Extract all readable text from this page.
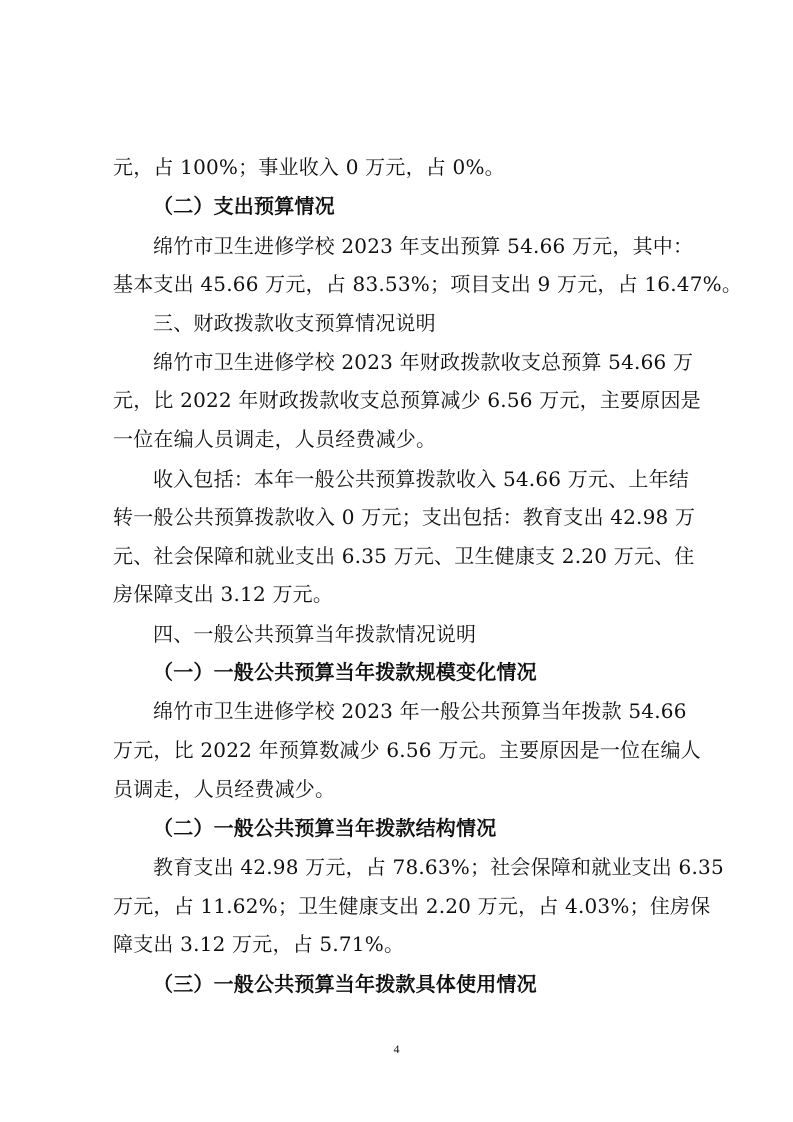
元，占 100%；事业收入 0 万元，占 0%。
（二）支出预算情况
绵竹市卫生进修学校 2023 年支出预算 54.66 万元，其中：
基本支出 45.66 万元，占 83.53%；项目支出 9 万元，占 16.47%。
三、财政拨款收支预算情况说明
绵竹市卫生进修学校 2023 年财政拨款收支总预算 54.66 万
元，比 2022 年财政拨款收支总预算减少 6.56 万元，主要原因是
一位在编人员调走，人员经费减少。
收入包括：本年一般公共预算拨款收入 54.66 万元、上年结
转一般公共预算拨款收入 0 万元；支出包括：教育支出 42.98 万
元、社会保障和就业支出 6.35 万元、卫生健康支 2.20 万元、住
房保障支出 3.12 万元。
四、一般公共预算当年拨款情况说明
（一）一般公共预算当年拨款规模变化情况
绵竹市卫生进修学校 2023 年一般公共预算当年拨款 54.66
万元，比 2022 年预算数减少 6.56 万元。主要原因是一位在编人
员调走，人员经费减少。
（二）一般公共预算当年拨款结构情况
教育支出 42.98 万元，占 78.63%；社会保障和就业支出 6.35
万元，占 11.62%；卫生健康支出 2.20 万元，占 4.03%；住房保
障支出 3.12 万元，占 5.71%。
（三）一般公共预算当年拨款具体使用情况
4
